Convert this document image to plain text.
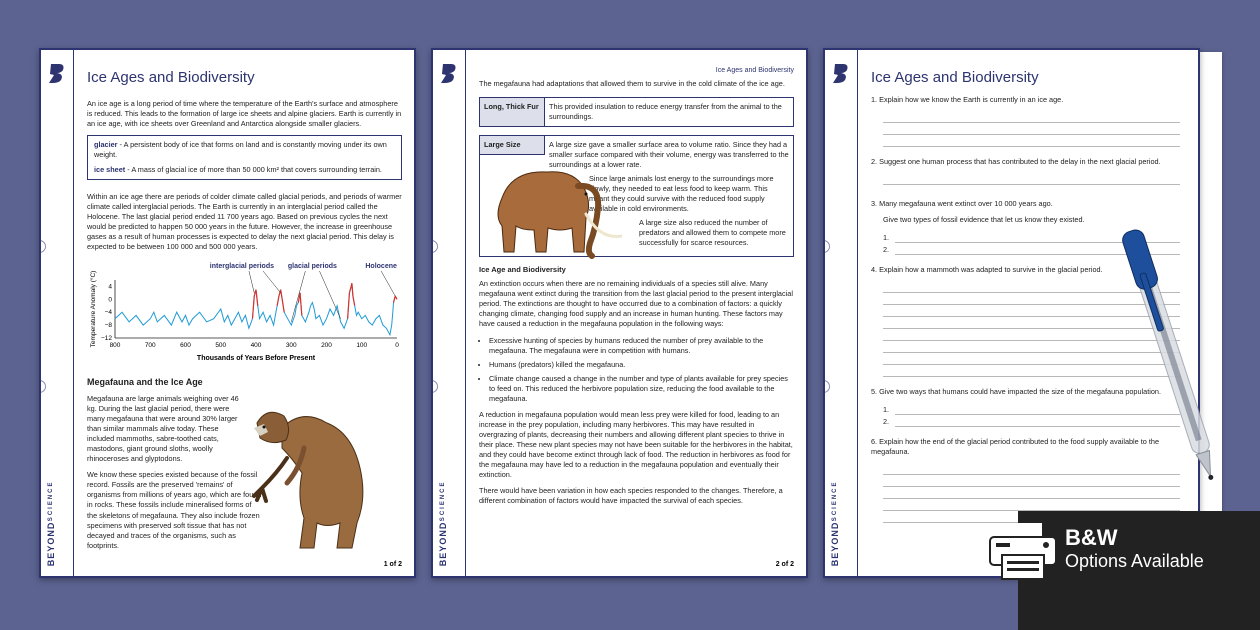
BEYONDSCIENCE
Ice Ages and Biodiversity

An ice age is a long period of time where the temperature of the Earth's surface and atmosphere is reduced. This leads to the formation of large ice sheets and alpine glaciers. Earth is currently in an ice age, with ice sheets over Greenland and Antarctica alongside smaller glaciers.

glacier - A persistent body of ice that forms on land and is constantly moving under its own weight.

ice sheet - A mass of glacial ice of more than 50 000 km² that covers surrounding terrain.

Within an ice age there are periods of colder climate called glacial periods, and periods of warmer climate called interglacial periods. The Earth is currently in an interglacial period called the Holocene. The last glacial period ended 11 700 years ago. Based on previous cycles the next would be predicted to happen 50 000 years in the future. However, the increase in greenhouse gases as a result of human processes is expected to delay the next glacial period. This delay is expected to be between 100 000 and 500 000 years.

4
0
−4
−8
−12
800	700	600	500	400	300	200	100	0
Thousands of Years Before Present
Temperature Anomaly (°C)
interglacial periods glacial periods	Holocene
Megafauna and the Ice Age

Megafauna are large animals weighing over 46 kg. During the last glacial period, there were many megafauna that were around 30% larger than similar mammals alive today. These included mammoths, sabre-toothed cats, mastodons, giant ground sloths, woolly rhinoceroses and glyptodons.

We know these species existed because of the fossil record. Fossils are the preserved 'remains' of organisms from millions of years ago, which are found in rocks. These fossils include mineralised forms of the skeletons of megafauna. They also include frozen specimens with preserved soft tissue that has not decayed and traces of the organisms, such as footprints.

1 of 2	BEYONDSCIENCE
Ice Ages and Biodiversity

The megafauna had adaptations that allowed them to survive in the cold climate of the ice age.

Long, Thick Fur	This provided insulation to reduce energy transfer from the animal to the surroundings.
Large Size	A large size gave a smaller surface area to volume ratio. Since they had a smaller surface compared with their volume, energy was transferred to the surroundings at a lower rate.

Since large animals lost energy to the surroundings more slowly, they needed to eat less food to keep warm. This meant they could survive with the reduced food supply available in cold environments.

A large size also reduced the number of predators and allowed them to compete more successfully for scarce resources.

Ice Age and Biodiversity

An extinction occurs when there are no remaining individuals of a species still alive. Many megafauna went extinct during the transition from the last glacial period to the present interglacial period. The extinctions are thought to have occurred due to a combination of factors: a quickly changing climate, changing food supply and an increase in human hunting. These factors may have caused a reduction in the megafauna population in the following ways:

• Excessive hunting of species by humans reduced the number of prey available to the megafauna. The megafauna were in competition with humans.
• Humans (predators) killed the megafauna.
• Climate change caused a change in the number and type of plants available for prey species to feed on. This reduced the herbivore population size, reducing the food available to the megafauna.

A reduction in megafauna population would mean less prey were killed for food, leading to an increase in the prey population, including many herbivores. This may have resulted in overgrazing of plants, decreasing their numbers and allowing different plant species to thrive in their place. These new plant species may not have been suitable for the herbivores in the habitat, and they could have become extinct through lack of food. The reduction in herbivores as food for the megafauna may have led to a reduction in the megafauna population and eventually their extinction.

There would have been variation in how each species responded to the changes. Therefore, a different combination of factors would have impacted the survival of each species.

2 of 2	BEYONDSCIENCE
Ice Ages and Biodiversity

1. Explain how we know the Earth is currently in an ice age.

2. Suggest one human process that has contributed to the delay in the next glacial period.

3. Many megafauna went extinct over 10 000 years ago.

Give two types of fossil evidence that let us know they existed.

1.
2.

4. Explain how a mammoth was adapted to survive in the glacial period.

5. Give two ways that humans could have impacted the size of the megafauna population.

1.
2.

6. Explain how the end of the glacial period contributed to the food supply available to the megafauna.

B&W
Options Available
